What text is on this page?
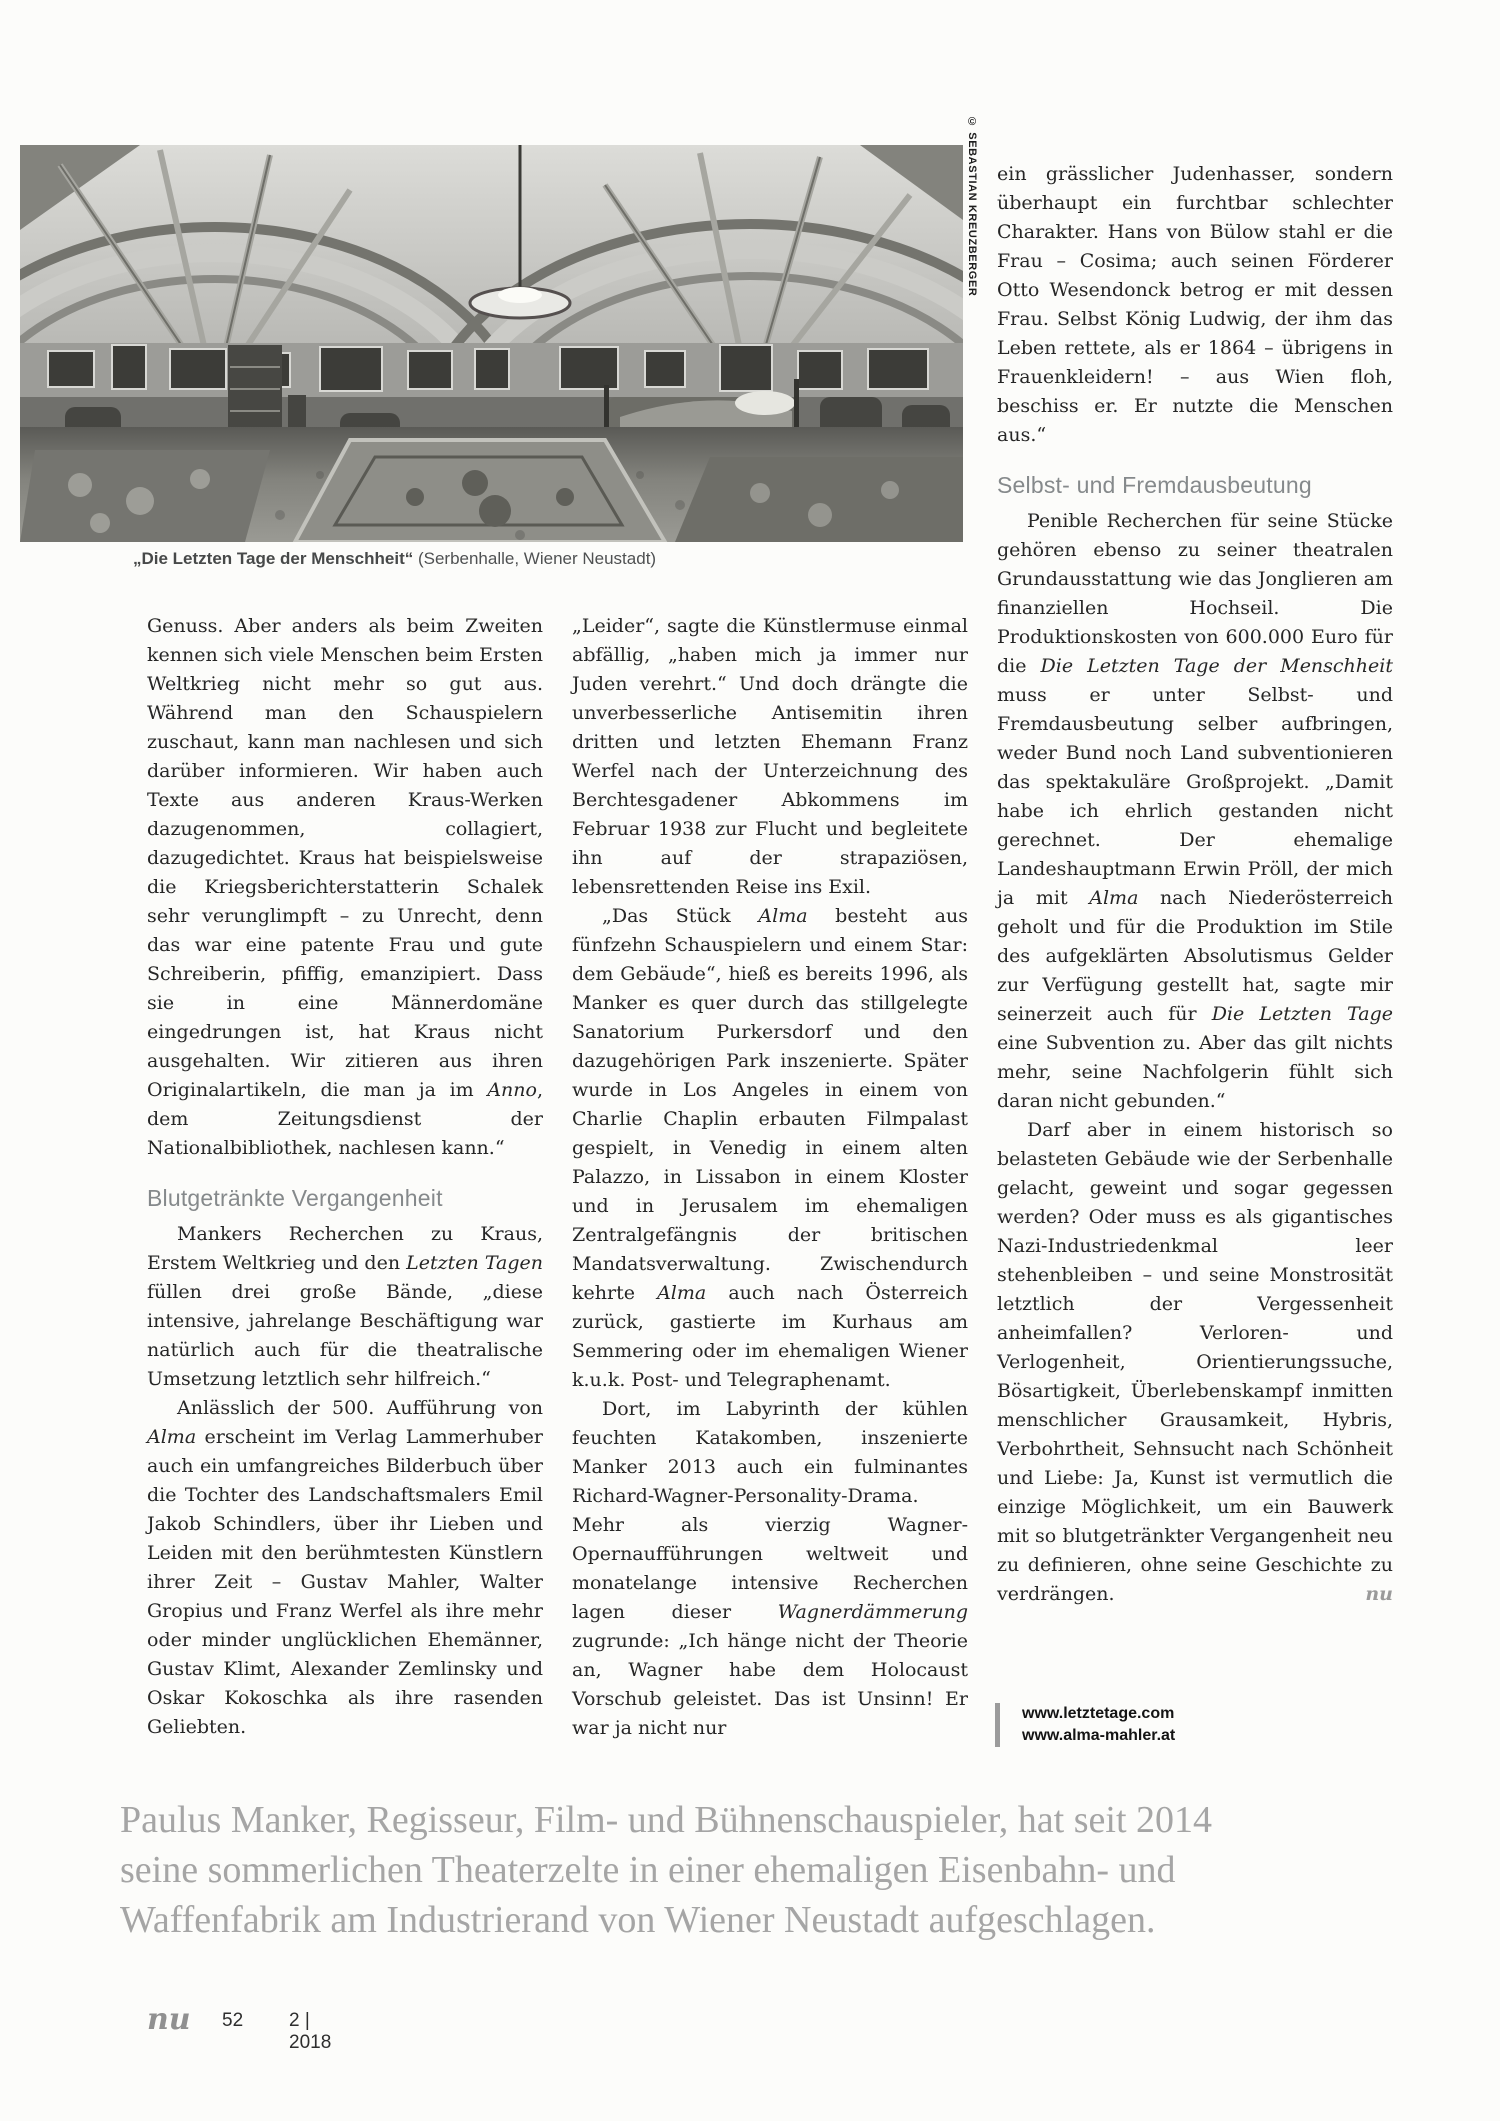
© SEBASTIAN KREUZBERGER
„Die Letzten Tage der Menschheit“ (Serbenhalle, Wiener Neustadt)

Genuss. Aber anders als beim Zweiten kennen sich viele Menschen beim Ersten Weltkrieg nicht mehr so gut aus. Während man den Schauspielern zuschaut, kann man nachlesen und sich darüber informieren. Wir haben auch Texte aus anderen Kraus-Werken dazugenommen, collagiert, dazugedichtet. Kraus hat beispielsweise die Kriegsberichterstatterin Schalek sehr verunglimpft – zu Unrecht, denn das war eine patente Frau und gute Schreiberin, pfiffig, emanzipiert. Dass sie in eine Männerdomäne eingedrungen ist, hat Kraus nicht ausgehalten. Wir zitieren aus ihren Originalartikeln, die man ja im Anno, dem Zeitungsdienst der Nationalbibliothek, nachlesen kann.“

Blutgetränkte Vergangenheit

Mankers Recherchen zu Kraus, Erstem Weltkrieg und den Letzten Tagen füllen drei große Bände, „diese intensive, jahrelange Beschäftigung war natürlich auch für die theatralische Umsetzung letztlich sehr hilfreich.“

Anlässlich der 500. Aufführung von Alma erscheint im Verlag Lammerhuber auch ein umfangreiches Bilderbuch über die Tochter des Landschaftsmalers Emil Jakob Schindlers, über ihr Lieben und Leiden mit den berühmtesten Künstlern ihrer Zeit – Gustav Mahler, Walter Gropius und Franz Werfel als ihre mehr oder minder unglücklichen Ehemänner, Gustav Klimt, Alexander Zemlinsky und Oskar Kokoschka als ihre rasenden Geliebten.

„Leider“, sagte die Künstlermuse einmal abfällig, „haben mich ja immer nur Juden verehrt.“ Und doch drängte die unverbesserliche Antisemitin ihren dritten und letzten Ehemann Franz Werfel nach der Unterzeichnung des Berchtesgadener Abkommens im Februar 1938 zur Flucht und begleitete ihn auf der strapaziösen, lebensrettenden Reise ins Exil.

„Das Stück Alma besteht aus fünfzehn Schauspielern und einem Star: dem Gebäude“, hieß es bereits 1996, als Manker es quer durch das stillgelegte Sanatorium Purkersdorf und den dazugehörigen Park inszenierte. Später wurde in Los Angeles in einem von Charlie Chaplin erbauten Filmpalast gespielt, in Venedig in einem alten Palazzo, in Lissabon in einem Kloster und in Jerusalem im ehemaligen Zentralgefängnis der britischen Mandatsverwaltung. Zwischendurch kehrte Alma auch nach Österreich zurück, gastierte im Kurhaus am Semmering oder im ehemaligen Wiener k.u.k. Post- und Telegraphenamt.

Dort, im Labyrinth der kühlen feuchten Katakomben, inszenierte Manker 2013 auch ein fulminantes Richard-Wagner-Personality-Drama. Mehr als vierzig Wagner-Opernaufführungen weltweit und monatelange intensive Recherchen lagen dieser Wagnerdämmerung zugrunde: „Ich hänge nicht der Theorie an, Wagner habe dem Holocaust Vorschub geleistet. Das ist Unsinn! Er war ja nicht nur

ein grässlicher Judenhasser, sondern überhaupt ein furchtbar schlechter Charakter. Hans von Bülow stahl er die Frau – Cosima; auch seinen Förderer Otto Wesendonck betrog er mit dessen Frau. Selbst König Ludwig, der ihm das Leben rettete, als er 1864 – übrigens in Frauenkleidern! – aus Wien floh, beschiss er. Er nutzte die Menschen aus.“

Selbst- und Fremdausbeutung

Penible Recherchen für seine Stücke gehören ebenso zu seiner theatralen Grundausstattung wie das Jonglieren am finanziellen Hochseil. Die Produktionskosten von 600.000 Euro für die Die Letzten Tage der Menschheit muss er unter Selbst- und Fremdausbeutung selber aufbringen, weder Bund noch Land subventionieren das spektakuläre Großprojekt. „Damit habe ich ehrlich gestanden nicht gerechnet. Der ehemalige Landeshauptmann Erwin Pröll, der mich ja mit Alma nach Niederösterreich geholt und für die Produktion im Stile des aufgeklärten Absolutismus Gelder zur Verfügung gestellt hat, sagte mir seinerzeit auch für Die Letzten Tage eine Subvention zu. Aber das gilt nichts mehr, seine Nachfolgerin fühlt sich daran nicht gebunden.“

Darf aber in einem historisch so belasteten Gebäude wie der Serbenhalle gelacht, geweint und sogar gegessen werden? Oder muss es als gigantisches Nazi-Industriedenkmal leer stehenbleiben – und seine Monstrosität letztlich der Vergessenheit anheimfallen? Verloren- und Verlogenheit, Orientierungssuche, Bösartigkeit, Überlebenskampf inmitten menschlicher Grausamkeit, Hybris, Verbohrtheit, Sehnsucht nach Schönheit und Liebe: Ja, Kunst ist vermutlich die einzige Möglichkeit, um ein Bauwerk mit so blutgetränkter Vergangenheit neu zu definieren, ohne seine Geschichte zu verdrängen.	nu

www.letztetage.com
www.alma-mahler.at
Paulus Manker, Regisseur, Film- und Bühnenschauspieler, hat seit 2014
seine sommerlichen Theaterzelte in einer ehemaligen Eisenbahn- und
Waffenfabrik am Industrierand von Wiener Neustadt aufgeschlagen.
nu 52 2 | 2018
